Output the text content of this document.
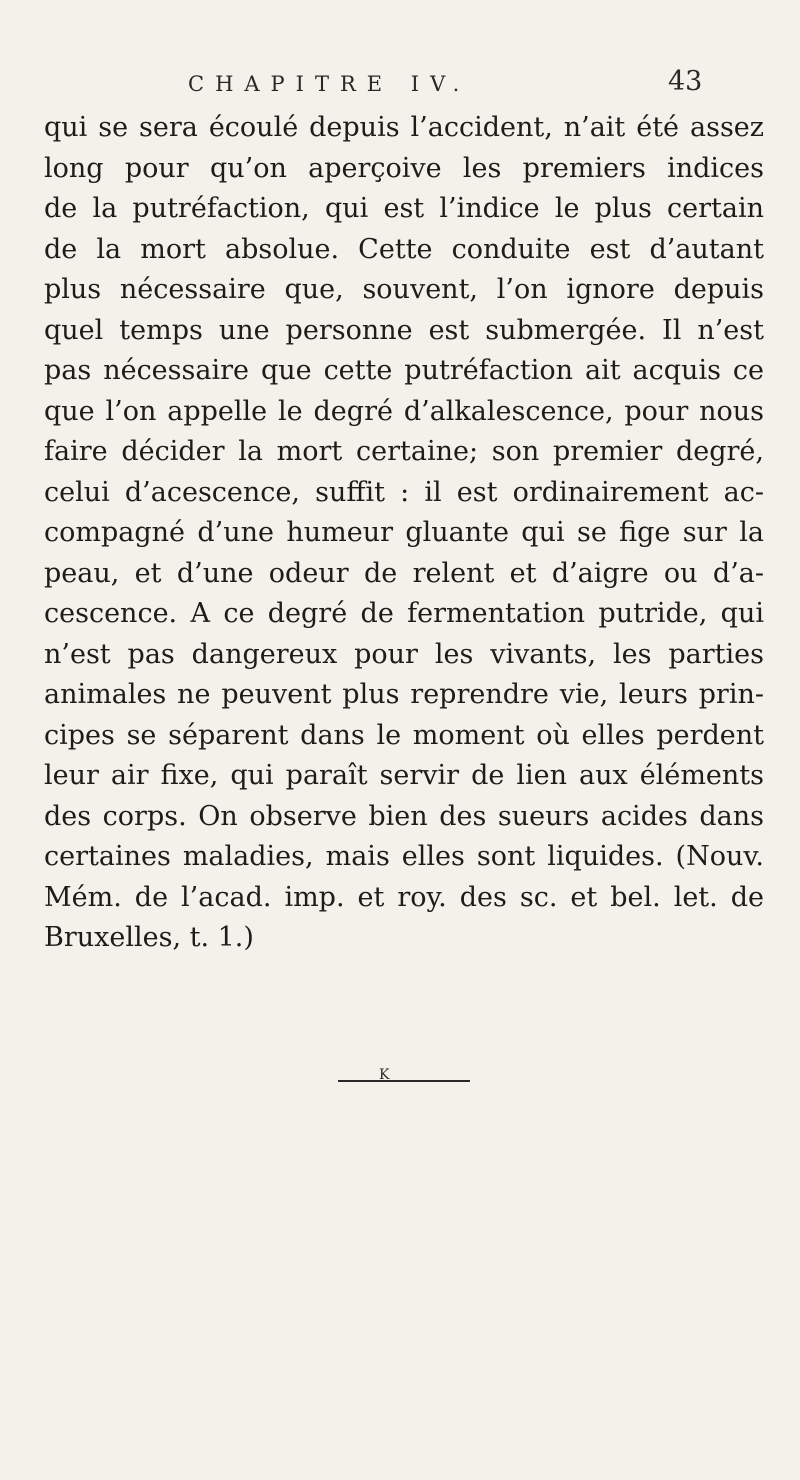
CHAPITRE IV.	43
qui se sera écoulé depuis l’accident, n’ait été assez
long pour qu’on aperçoive les premiers indices
de la putréfaction, qui est l’indice le plus certain
de la mort absolue. Cette conduite est d’autant
plus nécessaire que, souvent, l’on ignore depuis
quel temps une personne est submergée. Il n’est
pas nécessaire que cette putréfaction ait acquis ce
que l’on appelle le degré d’alkalescence, pour nous
faire décider la mort certaine; son premier degré,
celui d’acescence, suffit : il est ordinairement ac-
compagné d’une humeur gluante qui se fige sur la
peau, et d’une odeur de relent et d’aigre ou d’a-
cescence. A ce degré de fermentation putride, qui
n’est pas dangereux pour les vivants, les parties
animales ne peuvent plus reprendre vie, leurs prin-
cipes se séparent dans le moment où elles perdent
leur air fixe, qui paraît servir de lien aux éléments
des corps. On observe bien des sueurs acides dans
certaines maladies, mais elles sont liquides. (Nouv.
Mém. de l’acad. imp. et roy. des sc. et bel. let. de
Bruxelles, t. 1.)
K
